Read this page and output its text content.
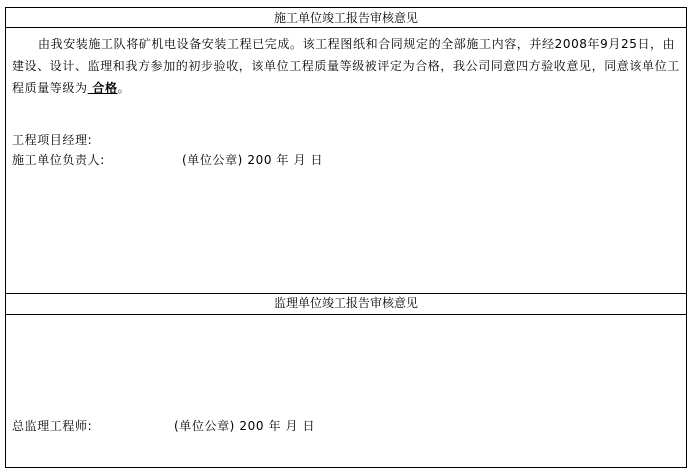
施工单位竣工报告审核意见
由我安装施工队将矿机电设备安装工程已完成。该工程图纸和合同规定的全部施工内容，并经2008年9月25日，由建设、设计、监理和我方参加的初步验收，该单位工程质量等级被评定为合格，我公司同意四方验收意见，同意该单位工程质量等级为 合格。
工程项目经理:
施工单位负责人:	(单位公章) 200 年 月 日
监理单位竣工报告审核意见
总监理工程师:	(单位公章) 200 年 月 日
